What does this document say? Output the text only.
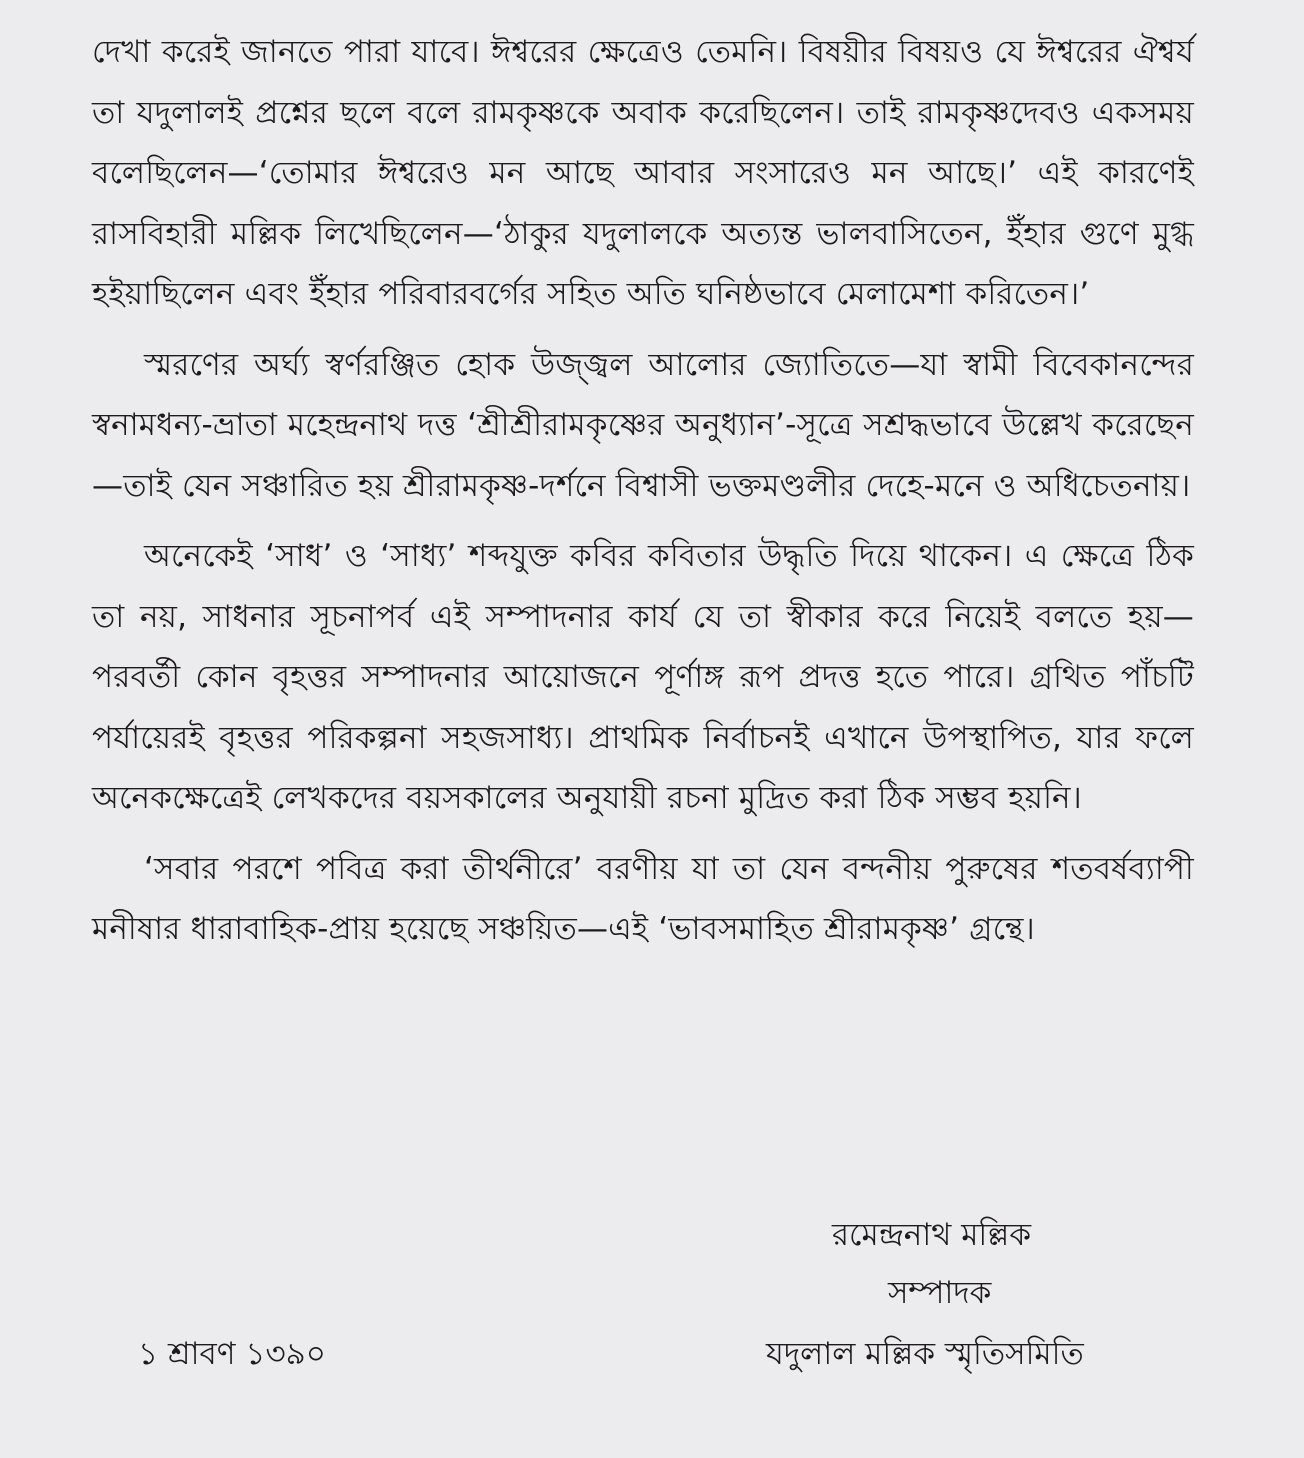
দেখা করেই জানতে পারা যাবে। ঈশ্বরের ক্ষেত্রেও তেমনি। বিষয়ীর বিষয়ও যে ঈশ্বরের ঐশ্বর্য তা যদুলালই প্রশ্নের ছলে বলে রামকৃষ্ণকে অবাক করেছিলেন। তাই রামকৃষ্ণদেবও একসময় বলেছিলেন—‘তোমার ঈশ্বরেও মন আছে আবার সংসারেও মন আছে।’ এই কারণেই রাসবিহারী মল্লিক লিখেছিলেন—‘ঠাকুর যদুলালকে অত্যন্ত ভালবাসিতেন, ইঁহার গুণে মুগ্ধ হইয়াছিলেন এবং ইঁহার পরিবারবর্গের সহিত অতি ঘনিষ্ঠভাবে মেলামেশা করিতেন।’

স্মরণের অর্ঘ্য স্বর্ণরঞ্জিত হোক উজ্জ্বল আলোর জ্যোতিতে—যা স্বামী বিবেকানন্দের স্বনামধন্য-ভ্রাতা মহেন্দ্রনাথ দত্ত ‘শ্রীশ্রীরামকৃষ্ণের অনুধ্যান’-সূত্রে সশ্রদ্ধভাবে উল্লেখ করেছেন—তাই যেন সঞ্চারিত হয় শ্রীরামকৃষ্ণ-দর্শনে বিশ্বাসী ভক্তমণ্ডলীর দেহে-মনে ও অধিচেতনায়।

অনেকেই ‘সাধ’ ও ‘সাধ্য’ শব্দযুক্ত কবির কবিতার উদ্ধৃতি দিয়ে থাকেন। এ ক্ষেত্রে ঠিক তা নয়, সাধনার সূচনাপর্ব এই সম্পাদনার কার্য যে তা স্বীকার করে নিয়েই বলতে হয়—পরবর্তী কোন বৃহত্তর সম্পাদনার আয়োজনে পূর্ণাঙ্গ রূপ প্রদত্ত হতে পারে। গ্রথিত পাঁচটি পর্যায়েরই বৃহত্তর পরিকল্পনা সহজসাধ্য। প্রাথমিক নির্বাচনই এখানে উপস্থাপিত, যার ফলে অনেকক্ষেত্রেই লেখকদের বয়সকালের অনুযায়ী রচনা মুদ্রিত করা ঠিক সম্ভব হয়নি।

‘সবার পরশে পবিত্র করা তীর্থনীরে’ বরণীয় যা তা যেন বন্দনীয় পুরুষের শতবর্ষব্যাপী মনীষার ধারাবাহিক-প্রায় হয়েছে সঞ্চয়িত—এই ‘ভাবসমাহিত শ্রীরামকৃষ্ণ’ গ্রন্থে।

রমেন্দ্রনাথ মল্লিক
সম্পাদক
যদুলাল মল্লিক স্মৃতিসমিতি
১ শ্রাবণ ১৩৯০
